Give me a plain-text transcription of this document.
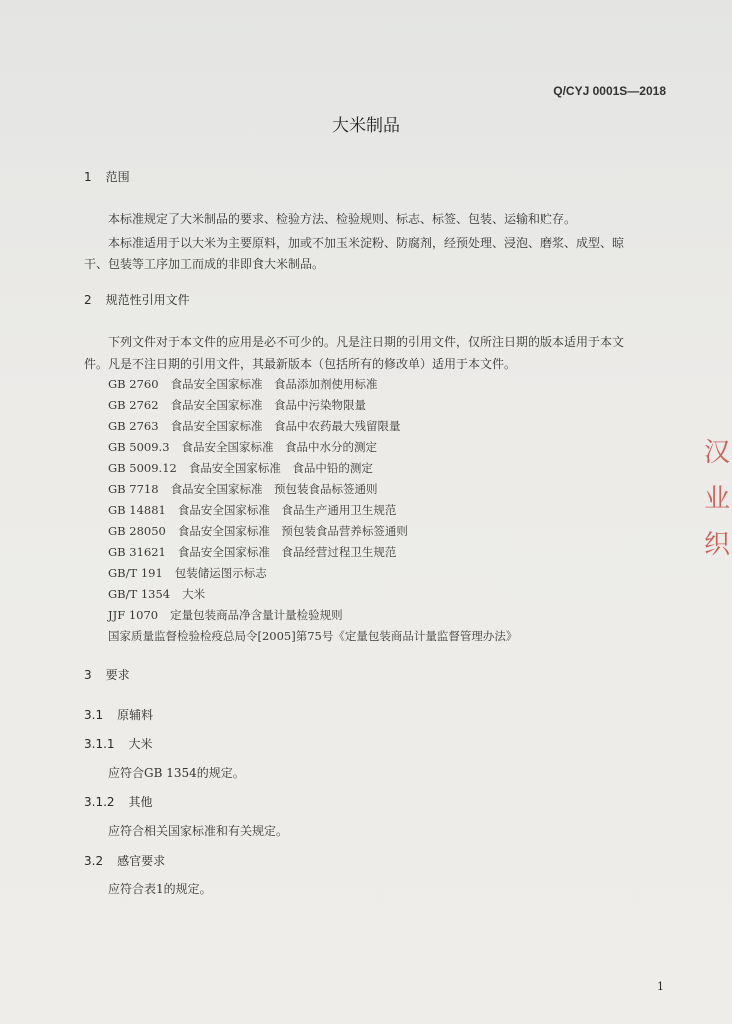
Q/CYJ 0001S—2018
大米制品
1 范围
本标准规定了大米制品的要求、检验方法、检验规则、标志、标签、包装、运输和贮存。
本标准适用于以大米为主要原料，加或不加玉米淀粉、防腐剂，经预处理、浸泡、磨浆、成型、晾
干、包装等工序加工而成的非即食大米制品。
2 规范性引用文件
下列文件对于本文件的应用是必不可少的。凡是注日期的引用文件，仅所注日期的版本适用于本文
件。凡是不注日期的引用文件，其最新版本（包括所有的修改单）适用于本文件。
GB 2760 食品安全国家标准　食品添加剂使用标准
GB 2762 食品安全国家标准　食品中污染物限量
GB 2763 食品安全国家标准　食品中农药最大残留限量
GB 5009.3 食品安全国家标准　食品中水分的测定
GB 5009.12 食品安全国家标准　食品中铅的测定
GB 7718 食品安全国家标准　预包装食品标签通则
GB 14881 食品安全国家标准　食品生产通用卫生规范
GB 28050 食品安全国家标准　预包装食品营养标签通则
GB 31621 食品安全国家标准　食品经营过程卫生规范
GB/T 191 包装储运图示标志
GB/T 1354 大米
JJF 1070 定量包装商品净含量计量检验规则
国家质量监督检验检疫总局令[2005]第75号《定量包装商品计量监督管理办法》
3 要求
3.1 原辅料
3.1.1 大米
应符合GB 1354的规定。
3.1.2 其他
应符合相关国家标准和有关规定。
3.2 感官要求
应符合表1的规定。
1
汉
业
织
